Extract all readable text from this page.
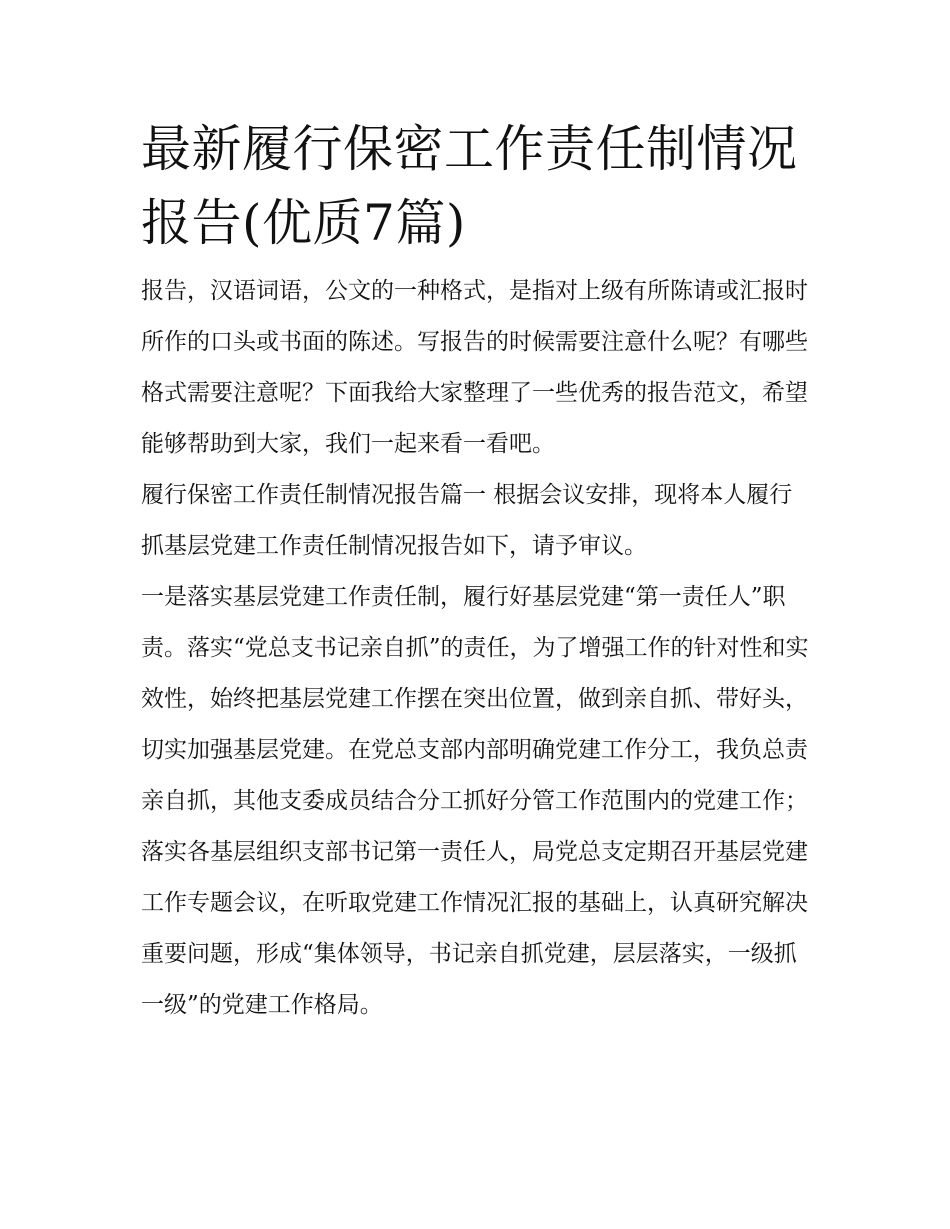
最新履行保密工作责任制情况报告(优质7篇)

报告，汉语词语，公文的一种格式，是指对上级有所陈请或汇报时所作的口头或书面的陈述。写报告的时候需要注意什么呢？有哪些格式需要注意呢？下面我给大家整理了一些优秀的报告范文，希望能够帮助到大家，我们一起来看一看吧。

履行保密工作责任制情况报告篇一 根据会议安排，现将本人履行抓基层党建工作责任制情况报告如下，请予审议。

一是落实基层党建工作责任制，履行好基层党建“第一责任人”职责。落实“党总支书记亲自抓”的责任，为了增强工作的针对性和实效性，始终把基层党建工作摆在突出位置，做到亲自抓、带好头，切实加强基层党建。在党总支部内部明确党建工作分工，我负总责亲自抓，其他支委成员结合分工抓好分管工作范围内的党建工作；落实各基层组织支部书记第一责任人，局党总支定期召开基层党建工作专题会议，在听取党建工作情况汇报的基础上，认真研究解决重要问题，形成“集体领导，书记亲自抓党建，层层落实，一级抓一级”的党建工作格局。
